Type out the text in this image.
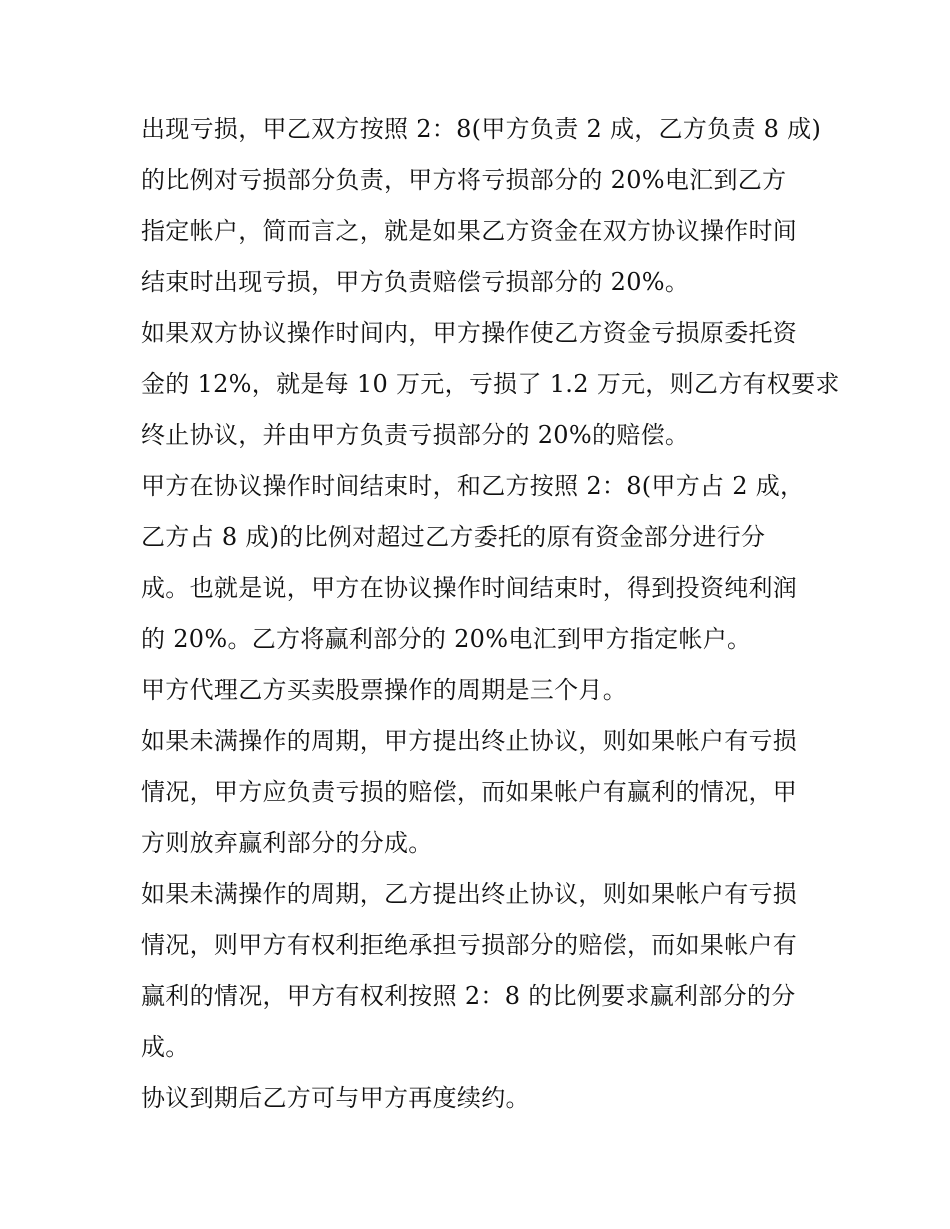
出现亏损，甲乙双方按照 2：8(甲方负责 2 成，乙方负责 8 成)
的比例对亏损部分负责，甲方将亏损部分的 20%电汇到乙方
指定帐户，简而言之，就是如果乙方资金在双方协议操作时间
结束时出现亏损，甲方负责赔偿亏损部分的 20%。
如果双方协议操作时间内，甲方操作使乙方资金亏损原委托资
金的 12%，就是每 10 万元，亏损了 1.2 万元，则乙方有权要求
终止协议，并由甲方负责亏损部分的 20%的赔偿。
甲方在协议操作时间结束时，和乙方按照 2：8(甲方占 2 成，
乙方占 8 成)的比例对超过乙方委托的原有资金部分进行分
成。也就是说，甲方在协议操作时间结束时，得到投资纯利润
的 20%。乙方将赢利部分的 20%电汇到甲方指定帐户。
甲方代理乙方买卖股票操作的周期是三个月。
如果未满操作的周期，甲方提出终止协议，则如果帐户有亏损
情况，甲方应负责亏损的赔偿，而如果帐户有赢利的情况，甲
方则放弃赢利部分的分成。
如果未满操作的周期，乙方提出终止协议，则如果帐户有亏损
情况，则甲方有权利拒绝承担亏损部分的赔偿，而如果帐户有
赢利的情况，甲方有权利按照 2：8 的比例要求赢利部分的分
成。
协议到期后乙方可与甲方再度续约。
